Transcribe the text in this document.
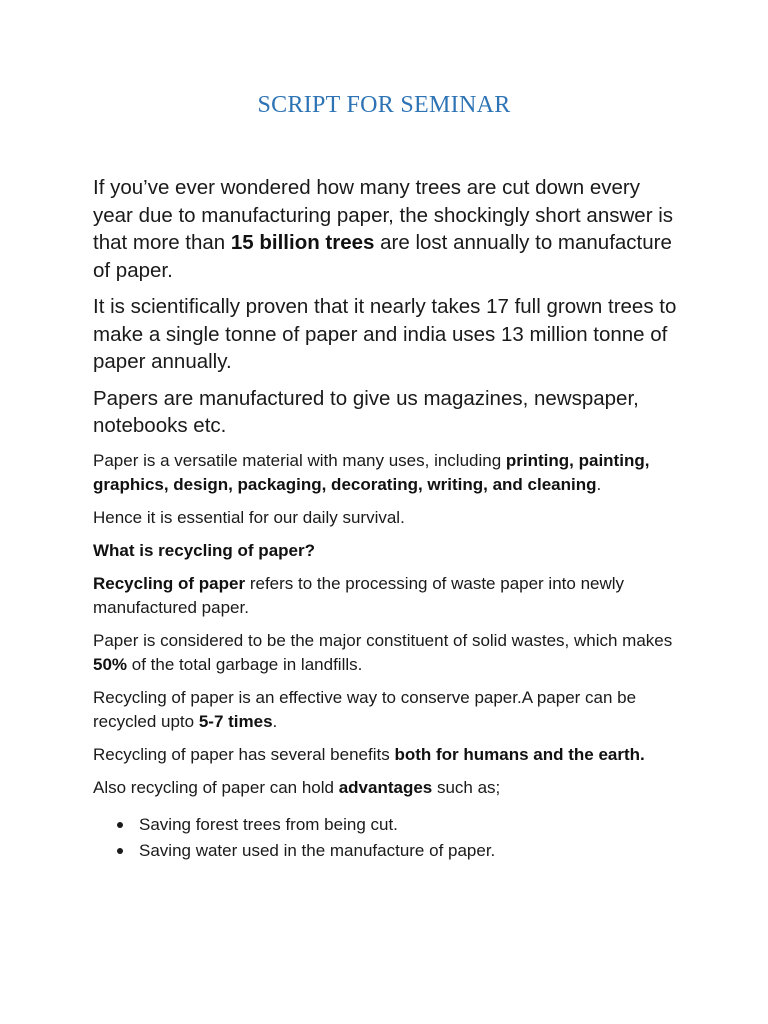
SCRIPT FOR SEMINAR

If you’ve ever wondered how many trees are cut down every year due to manufacturing paper, the shockingly short answer is that more than 15 billion trees are lost annually to manufacture of paper.

It is scientifically proven that it nearly takes 17 full grown trees to make a single tonne of paper and india uses 13 million tonne of paper annually.

Papers are manufactured to give us magazines, newspaper, notebooks etc.

Paper is a versatile material with many uses, including printing, painting, graphics, design, packaging, decorating, writing, and cleaning.

Hence it is essential for our daily survival.

What is recycling of paper?

Recycling of paper refers to the processing of waste paper into newly manufactured paper.

Paper is considered to be the major constituent of solid wastes, which makes 50% of the total garbage in landfills.

Recycling of paper is an effective way to conserve paper.A paper can be recycled upto 5-7 times.

Recycling of paper has several benefits both for humans and the earth.

Also recycling of paper can hold advantages such as;

Saving forest trees from being cut.
Saving water used in the manufacture of paper.
